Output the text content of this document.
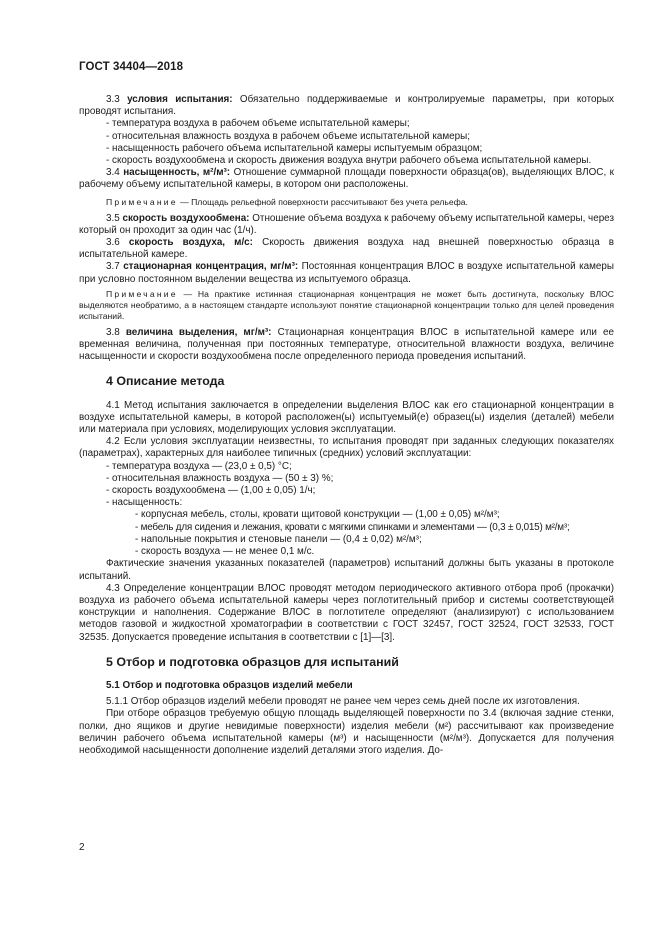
ГОСТ 34404—2018

3.3 условия испытания: Обязательно поддерживаемые и контролируемые параметры, при которых проводят испытания.

- температура воздуха в рабочем объеме испытательной камеры;

- относительная влажность воздуха в рабочем объеме испытательной камеры;

- насыщенность рабочего объема испытательной камеры испытуемым образцом;

- скорость воздухообмена и скорость движения воздуха внутри рабочего объема испытательной камеры.

3.4 насыщенность, м²/м³: Отношение суммарной площади поверхности образца(ов), выделяющих ВЛОС, к рабочему объему испытательной камеры, в котором они расположены.

Примечание — Площадь рельефной поверхности рассчитывают без учета рельефа.

3.5 скорость воздухообмена: Отношение объема воздуха к рабочему объему испытательной камеры, через который он проходит за один час (1/ч).

3.6 скорость воздуха, м/с: Скорость движения воздуха над внешней поверхностью образца в испытательной камере.

3.7 стационарная концентрация, мг/м³: Постоянная концентрация ВЛОС в воздухе испытательной камеры при условно постоянном выделении вещества из испытуемого образца.

Примечание — На практике истинная стационарная концентрация не может быть достигнута, поскольку ВЛОС выделяются необратимо, а в настоящем стандарте используют понятие стационарной концентрации только для целей проведения испытаний.

3.8 величина выделения, мг/м³: Стационарная концентрация ВЛОС в испытательной камере или ее временная величина, полученная при постоянных температуре, относительной влажности воздуха, величине насыщенности и скорости воздухообмена после определенного периода проведения испытаний.

4 Описание метода

4.1 Метод испытания заключается в определении выделения ВЛОС как его стационарной концентрации в воздухе испытательной камеры, в которой расположен(ы) испытуемый(е) образец(ы) изделия (деталей) мебели или материала при условиях, моделирующих условия эксплуатации.

4.2 Если условия эксплуатации неизвестны, то испытания проводят при заданных следующих показателях (параметрах), характерных для наиболее типичных (средних) условий эксплуатации:

- температура воздуха — (23,0 ± 0,5) °С;

- относительная влажность воздуха — (50 ± 3) %;

- скорость воздухообмена — (1,00 ± 0,05) 1/ч;

- насыщенность:

- корпусная мебель, столы, кровати щитовой конструкции — (1,00 ± 0,05) м²/м³;

- мебель для сидения и лежания, кровати с мягкими спинками и элементами — (0,3 ± 0,015) м²/м³;

- напольные покрытия и стеновые панели — (0,4 ± 0,02) м²/м³;

- скорость воздуха — не менее 0,1 м/с.

Фактические значения указанных показателей (параметров) испытаний должны быть указаны в протоколе испытаний.

4.3 Определение концентрации ВЛОС проводят методом периодического активного отбора проб (прокачки) воздуха из рабочего объема испытательной камеры через поглотительный прибор и системы соответствующей конструкции и наполнения. Содержание ВЛОС в поглотителе определяют (анализируют) с использованием методов газовой и жидкостной хроматографии в соответствии с ГОСТ 32457, ГОСТ 32524, ГОСТ 32533, ГОСТ 32535. Допускается проведение испытания в соответствии с [1]—[3].

5 Отбор и подготовка образцов для испытаний
5.1 Отбор и подготовка образцов изделий мебели

5.1.1 Отбор образцов изделий мебели проводят не ранее чем через семь дней после их изготовления.

При отборе образцов требуемую общую площадь выделяющей поверхности по 3.4 (включая задние стенки, полки, дно ящиков и другие невидимые поверхности) изделия мебели (м²) рассчитывают как произведение величин рабочего объема испытательной камеры (м³) и насыщенности (м²/м³). Допускается для получения необходимой насыщенности дополнение изделий деталями этого изделия. До-

2
